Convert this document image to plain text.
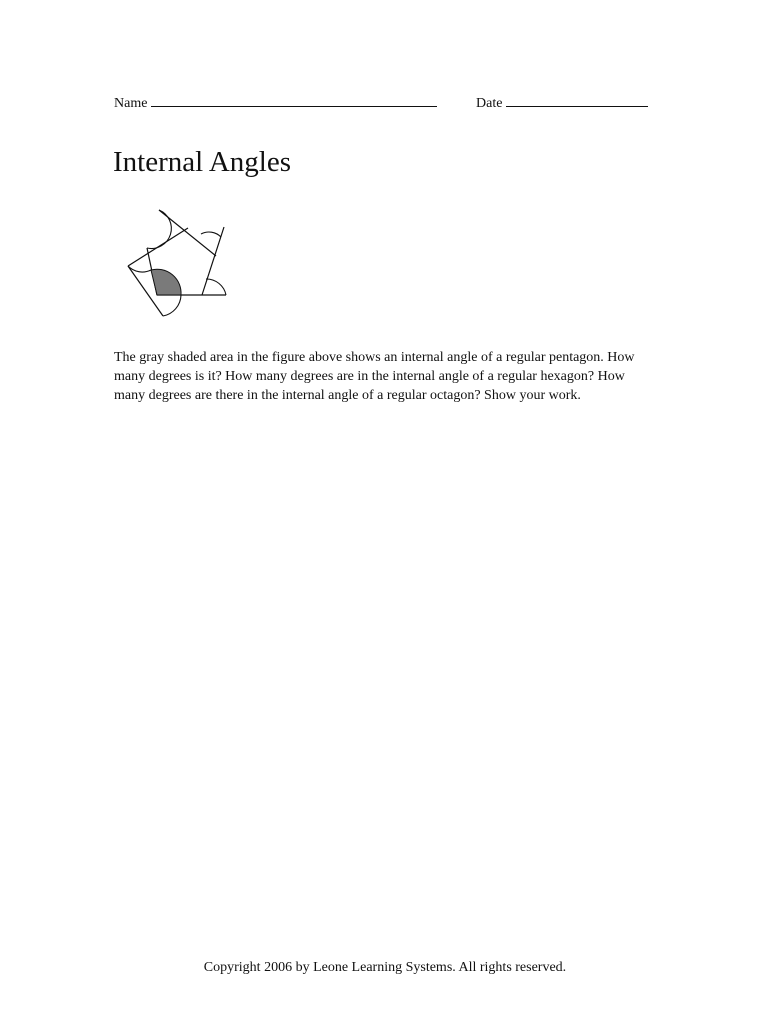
Name	Date
Internal Angles

The gray shaded area in the figure above shows an internal angle of a regular pentagon. How many degrees is it? How many degrees are in the internal angle of a regular hexagon? How many degrees are there in the internal angle of a regular octagon? Show your work.

Copyright 2006 by Leone Learning Systems. All rights reserved.
